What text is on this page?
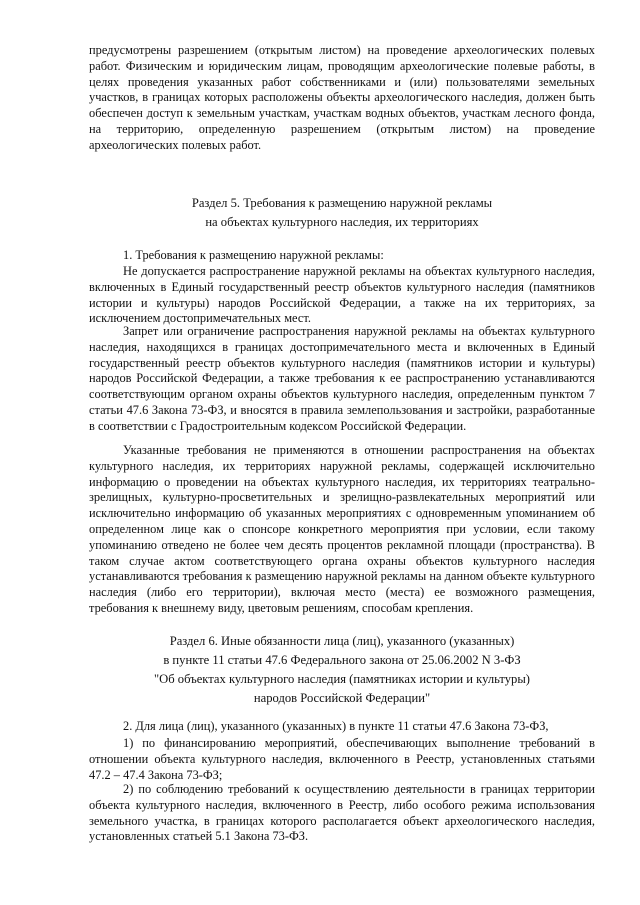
предусмотрены разрешением (открытым листом) на проведение археологических полевых работ. Физическим и юридическим лицам, проводящим археологические полевые работы, в целях проведения указанных работ собственниками и (или) пользователями земельных участков, в границах которых расположены объекты археологического наследия, должен быть обеспечен доступ к земельным участкам, участкам водных объектов, участкам лесного фонда, на территорию, определенную разрешением (открытым листом) на проведение археологических полевых работ.

Раздел 5. Требования к размещению наружной рекламы
на объектах культурного наследия, их территориях

1. Требования к размещению наружной рекламы:

Не допускается распространение наружной рекламы на объектах культурного наследия, включенных в Единый государственный реестр объектов культурного наследия (памятников истории и культуры) народов Российской Федерации, а также на их территориях, за исключением достопримечательных мест.

Запрет или ограничение распространения наружной рекламы на объектах культурного наследия, находящихся в границах достопримечательного места и включенных в Единый государственный реестр объектов культурного наследия (памятников истории и культуры) народов Российской Федерации, а также требования к ее распространению устанавливаются соответствующим органом охраны объектов культурного наследия, определенным пунктом 7 статьи 47.6 Закона 73-ФЗ, и вносятся в правила землепользования и застройки, разработанные в соответствии с Градостроительным кодексом Российской Федерации.

Указанные требования не применяются в отношении распространения на объектах культурного наследия, их территориях наружной рекламы, содержащей исключительно информацию о проведении на объектах культурного наследия, их территориях театрально-зрелищных, культурно-просветительных и зрелищно-развлекательных мероприятий или исключительно информацию об указанных мероприятиях с одновременным упоминанием об определенном лице как о спонсоре конкретного мероприятия при условии, если такому упоминанию отведено не более чем десять процентов рекламной площади (пространства). В таком случае актом соответствующего органа охраны объектов культурного наследия устанавливаются требования к размещению наружной рекламы на данном объекте культурного наследия (либо его территории), включая место (места) ее возможного размещения, требования к внешнему виду, цветовым решениям, способам крепления.

Раздел 6. Иные обязанности лица (лиц), указанного (указанных)
в пункте 11 статьи 47.6 Федерального закона от 25.06.2002 N 3-ФЗ
"Об объектах культурного наследия (памятниках истории и культуры)
народов Российской Федерации"

2. Для лица (лиц), указанного (указанных) в пункте 11 статьи 47.6 Закона 73-ФЗ,

1) по финансированию мероприятий, обеспечивающих выполнение требований в отношении объекта культурного наследия, включенного в Реестр, установленных статьями 47.2 – 47.4 Закона 73-ФЗ;

2) по соблюдению требований к осуществлению деятельности в границах территории объекта культурного наследия, включенного в Реестр, либо особого режима использования земельного участка, в границах которого располагается объект археологического наследия, установленных статьей 5.1 Закона 73-ФЗ.
